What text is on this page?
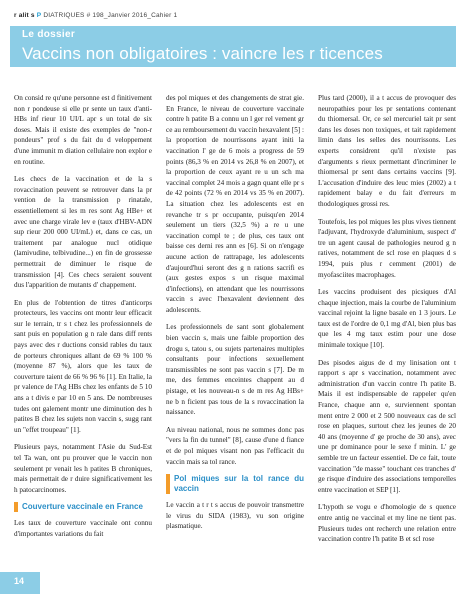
r alit s P DIATRIQUES # 198_Janvier 2016_Cahier 1
Le dossier
Vaccins non obligatoires : vaincre les r ticences

On consid re qu'une personne est d finitivement non r pondeuse si elle pr sente un taux d'anti-HBs inf rieur 10 UI/L apr s un total de six doses. Mais il existe des exemples de "non-r pondeurs" prof s du fait du d veloppement d'une immunit m diation cellulaire non explor e en routine.

Les checs de la vaccination et de la s rovaccination peuvent se retrouver dans la pr vention de la transmission p rinatale, essentiellement si les m res sont Ag HBe+ et avec une charge virale lev e (taux d'HBV-ADN sup rieur 200 000 UI/mL) et, dans ce cas, un traitement par analogue nucl otidique (lamivudine, telbivudine...) en fin de grossesse permettrait de diminuer le risque de transmission [4]. Ces checs seraient souvent dus l'apparition de mutants d' chappement.

En plus de l'obtention de titres d'anticorps protecteurs, les vaccins ont montr leur efficacit sur le terrain, tr s t chez les professionnels de sant puis en population g n rale dans diff rents pays avec des r ductions consid rables du taux de porteurs chroniques allant de 69 % 100 % (moyenne 87 %), alors que les taux de couverture taient de 66 % 96 % [1]. En Italie, la pr valence de l'Ag HBs chez les enfants de 5 10 ans a t divis e par 10 en 5 ans. De nombreuses tudes ont galement montr une diminution des h patites B chez les sujets non vaccin s, sugg rant un "effet troupeau" [1].

Plusieurs pays, notamment l'Asie du Sud-Est tel Ta wan, ont pu prouver que le vaccin non seulement pr venait les h patites B chroniques, mais permettait de r duire significativement les h patocarcinomes.

Couverture vaccinale en France

Les taux de couverture vaccinale ont connu d'importantes variations du fait

des pol miques et des changements de strat gie. En France, le niveau de couverture vaccinale contre h patite B a connu un l ger rel vement gr ce au remboursement du vaccin hexavalent [5] : la proportion de nourrissons ayant initi la vaccination l' ge de 6 mois a progress de 59 points (86,3 % en 2014 vs 26,8 % en 2007), et la proportion de ceux ayant re u un sch ma vaccinal complet 24 mois a gagn quant elle pr s de 42 points (72 % en 2014 vs 35 % en 2007). La situation chez les adolescents est en revanche tr s pr occupante, puisqu'en 2014 seulement un tiers (32,5 %) a re u une vaccination compl te ; de plus, ces taux ont baisse ces derni res ann es [6]. Si on n'engage aucune action de rattrapage, les adolescents d'aujourd'hui seront des g n rations sacrifi es (aux gestes expos s un risque maximal d'infections), en attendant que les nourrissons vaccin s avec l'hexavalent deviennent des adolescents.

Les professionnels de sant sont globalement bien vaccin s, mais une faible proportion des drogu s, tatou s, ou sujets partenaires multiples consultants pour infections sexuellement transmissibles ne sont pas vaccin s [7]. De m me, des femmes enceintes chappent au d pistage, et les nouveau-n s de m res Ag HBs+ ne b n ficient pas tous de la s rovaccination la naissance.

Au niveau national, nous ne sommes donc pas "vers la fin du tunnel" [8], cause d'une d fiance et de pol miques visant non pas l'efficacit du vaccin mais sa tol rance.

Pol miques sur la tol rance du vaccin

Le vaccin a t r t s accus de pouvoir transmettre le virus du SIDA (1983), vu son origine plasmatique.

Plus tard (2000), il a t accus de provoquer des neuropathies pour les pr sentations contenant du thiomersal. Or, ce sel mercuriel tait pr sent dans les doses non toxiques, et tait rapidement limin dans les selles des nourrissons. Les experts considrent qu'il n'existe pas d'arguments s rieux permettant d'incriminer le thiomersal pr sent dans certains vaccins [9]. L'accusation d'induire des leuc mies (2002) a t rapidement balay e du fait d'erreurs m thodologiques grossi res.

Toutefois, les pol miques les plus vives tiennent l'adjuvant, l'hydroxyde d'aluminium, suspect d' tre un agent causal de pathologies neurod g n ratives, notamment de scl rose en plaques d s 1994, puis plus r cemment (2001) de myofasciites macrophages.

Les vaccins produisent des picsiques d'Al chaque injection, mais la courbe de l'aluminium vaccinal rejoint la ligne basale en 1 3 jours. Le taux est de l'ordre de 0,1 mg d'Al, bien plus bas que les 4 mg taux estim pour une dose minimale toxique [10].

Des pisodes aigus de d my linisation ont t rapport s apr s vaccination, notamment avec administration d'un vaccin contre l'h patite B. Mais il est indispensable de rappeler qu'en France, chaque ann e, surviennent spontan ment entre 2 000 et 2 500 nouveaux cas de scl rose en plaques, surtout chez les jeunes de 20 40 ans (moyenne d' ge proche de 30 ans), avec une pr dominance pour le sexe f minin. L' ge semble tre un facteur essentiel. De ce fait, toute vaccination "de masse" touchant ces tranches d' ge risque d'induire des associations temporelles entre vaccination et SEP [1].

L'hypoth se vogu e d'homologie de s quence entre antig ne vaccinal et my line ne tient pas. Plusieurs tudes ont recherch une relation entre vaccination contre l'h patite B et scl rose

14
